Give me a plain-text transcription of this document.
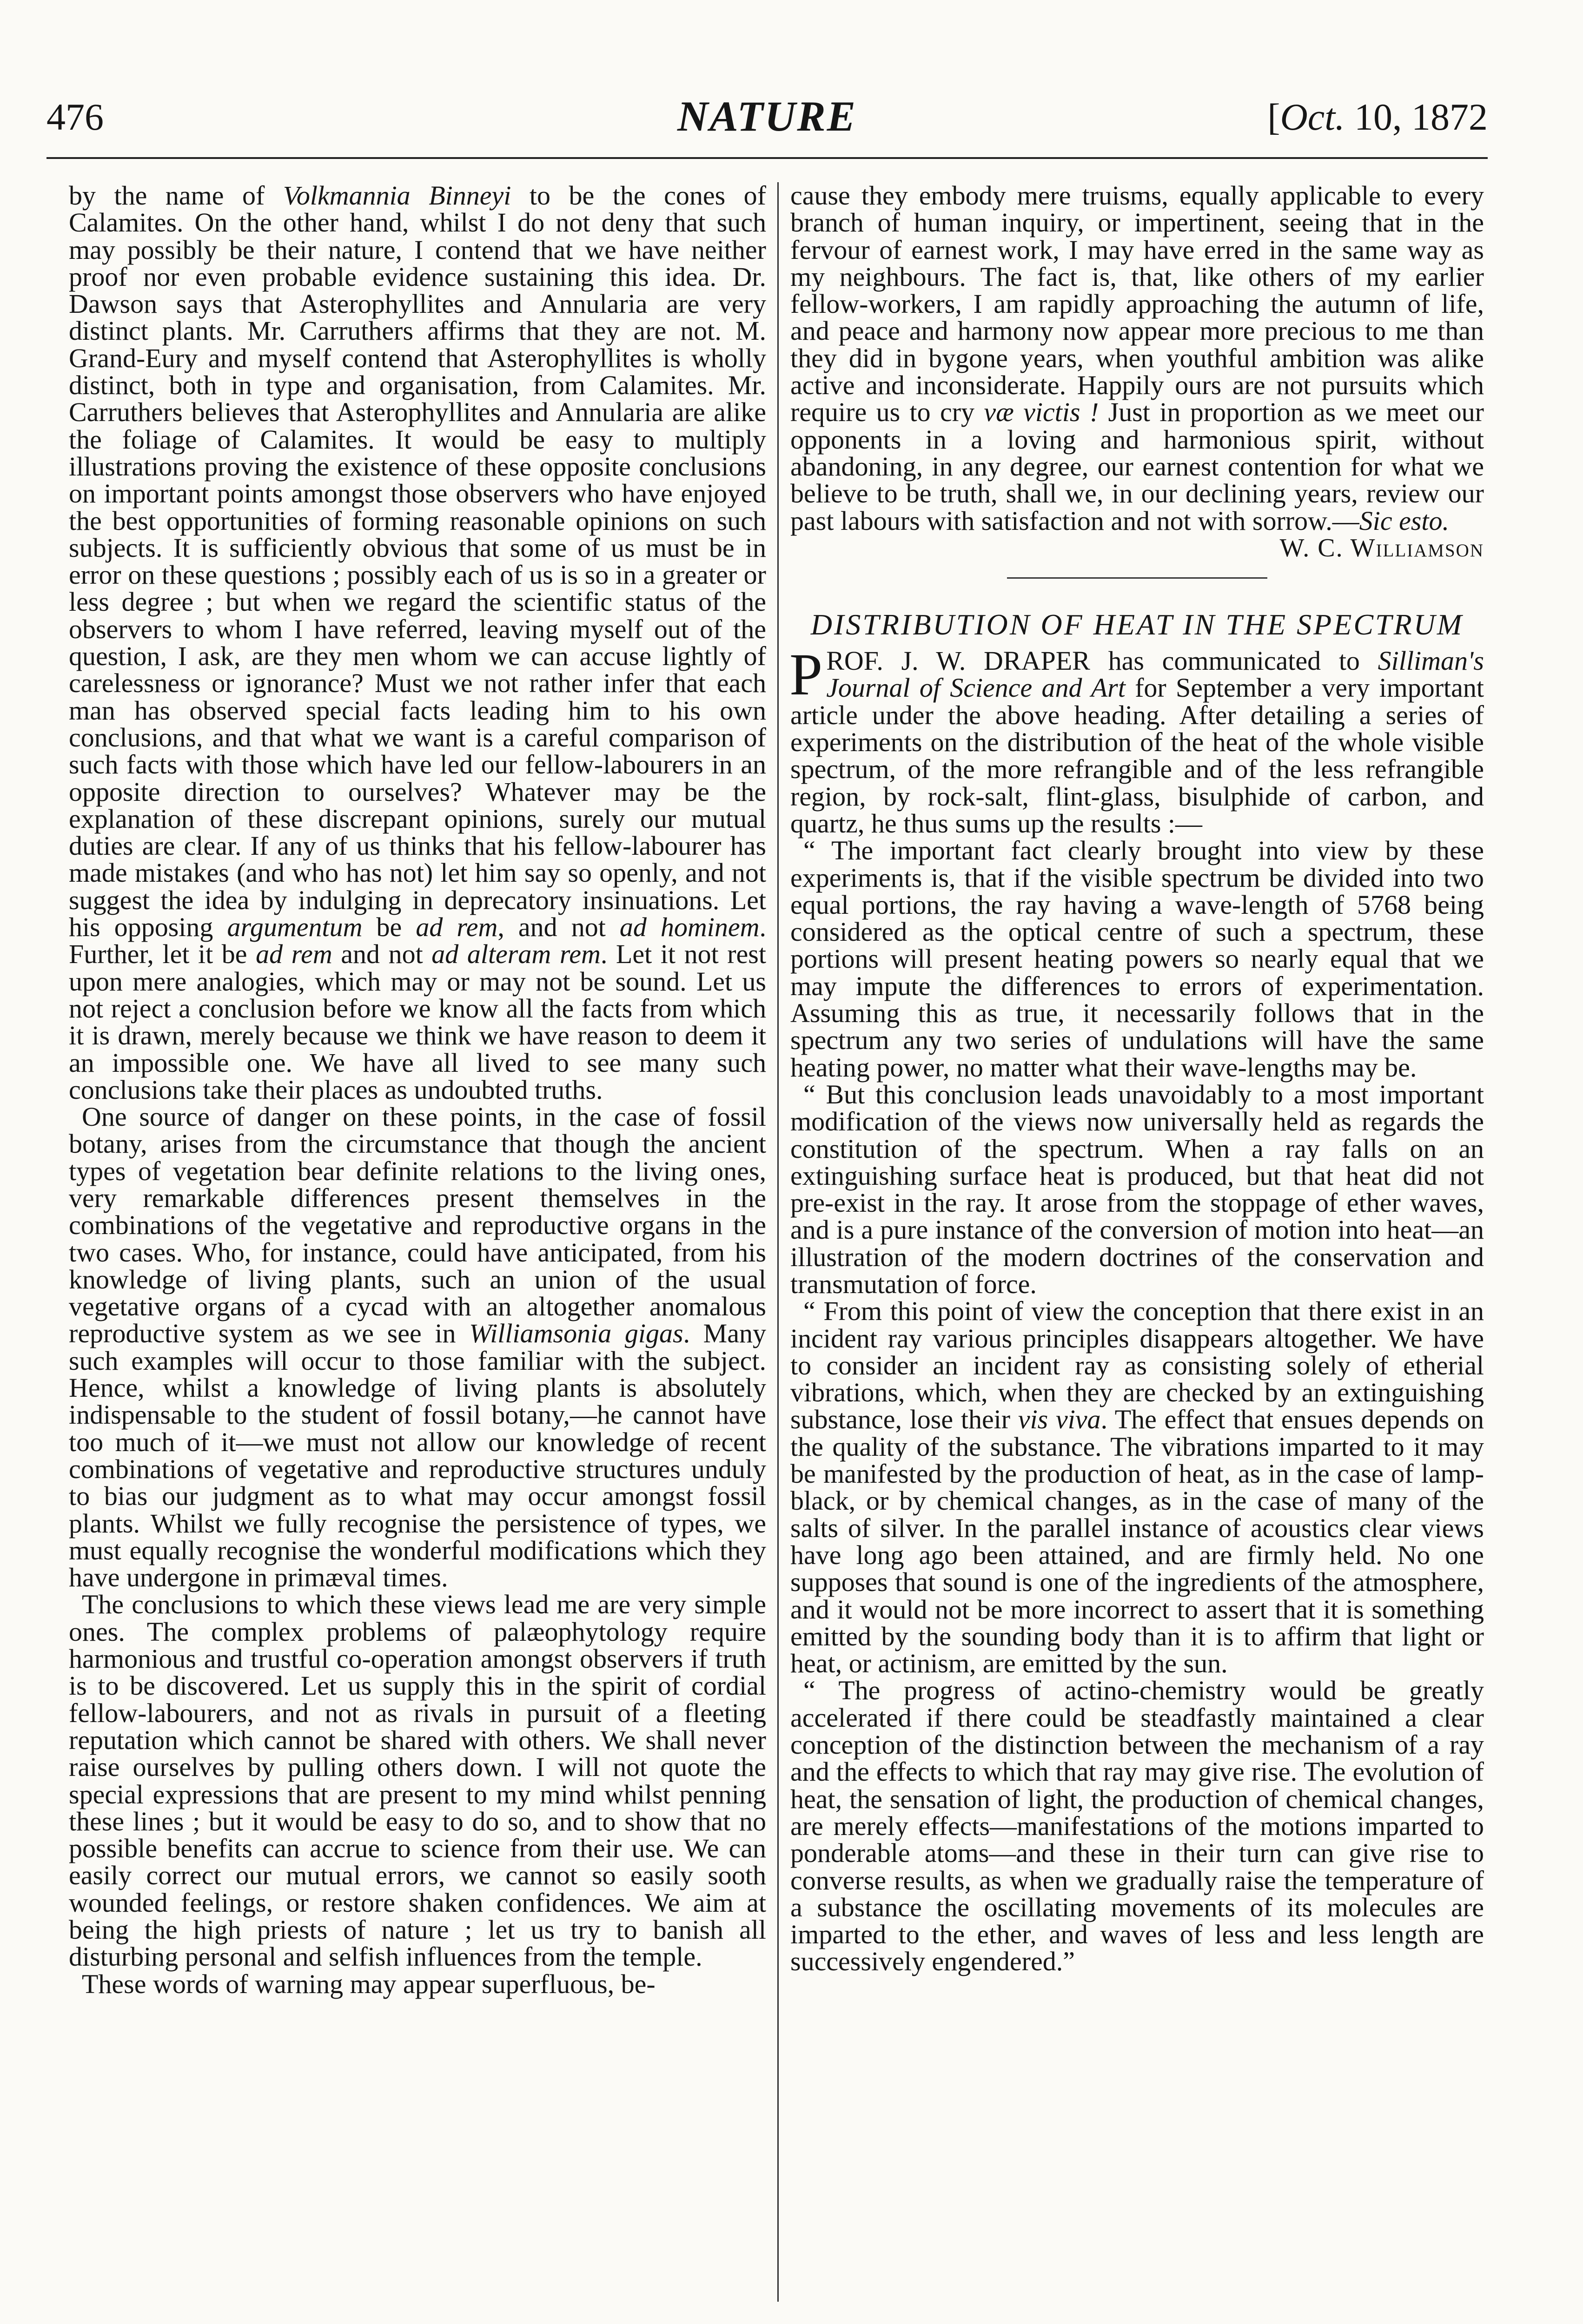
476	NATURE	[Oct. 10, 1872

by the name of Volkmannia Binneyi to be the cones of Calamites. On the other hand, whilst I do not deny that such may possibly be their nature, I contend that we have neither proof nor even probable evidence sustaining this idea. Dr. Dawson says that Asterophyllites and Annularia are very distinct plants. Mr. Carruthers affirms that they are not. M. Grand-Eury and myself contend that Asterophyllites is wholly distinct, both in type and organisation, from Calamites. Mr. Carruthers believes that Asterophyllites and Annularia are alike the foliage of Calamites. It would be easy to multiply illustrations proving the existence of these opposite conclusions on important points amongst those observers who have enjoyed the best opportunities of forming reasonable opinions on such subjects. It is sufficiently obvious that some of us must be in error on these questions ; possibly each of us is so in a greater or less degree ; but when we regard the scientific status of the observers to whom I have referred, leaving myself out of the question, I ask, are they men whom we can accuse lightly of carelessness or ignorance? Must we not rather infer that each man has observed special facts leading him to his own conclusions, and that what we want is a careful comparison of such facts with those which have led our fellow-labourers in an opposite direction to ourselves? Whatever may be the explanation of these discrepant opinions, surely our mutual duties are clear. If any of us thinks that his fellow-labourer has made mistakes (and who has not) let him say so openly, and not suggest the idea by indulging in deprecatory insinuations. Let his opposing argumentum be ad rem, and not ad hominem. Further, let it be ad rem and not ad alteram rem. Let it not rest upon mere analogies, which may or may not be sound. Let us not reject a conclusion before we know all the facts from which it is drawn, merely because we think we have reason to deem it an impossible one. We have all lived to see many such conclusions take their places as undoubted truths.

One source of danger on these points, in the case of fossil botany, arises from the circumstance that though the ancient types of vegetation bear definite relations to the living ones, very remarkable differences present themselves in the combinations of the vegetative and reproductive organs in the two cases. Who, for instance, could have anticipated, from his knowledge of living plants, such an union of the usual vegetative organs of a cycad with an altogether anomalous reproductive system as we see in Williamsonia gigas. Many such examples will occur to those familiar with the subject. Hence, whilst a knowledge of living plants is absolutely indispensable to the student of fossil botany,—he cannot have too much of it—we must not allow our knowledge of recent combinations of vegetative and reproductive structures unduly to bias our judgment as to what may occur amongst fossil plants. Whilst we fully recognise the persistence of types, we must equally recognise the wonderful modifications which they have undergone in primæval times.

The conclusions to which these views lead me are very simple ones. The complex problems of palæophytology require harmonious and trustful co-operation amongst observers if truth is to be discovered. Let us supply this in the spirit of cordial fellow-labourers, and not as rivals in pursuit of a fleeting reputation which cannot be shared with others. We shall never raise ourselves by pulling others down. I will not quote the special expressions that are present to my mind whilst penning these lines ; but it would be easy to do so, and to show that no possible benefits can accrue to science from their use. We can easily correct our mutual errors, we cannot so easily sooth wounded feelings, or restore shaken confidences. We aim at being the high priests of nature ; let us try to banish all disturbing personal and selfish influences from the temple.

These words of warning may appear superfluous, be-

cause they embody mere truisms, equally applicable to every branch of human inquiry, or impertinent, seeing that in the fervour of earnest work, I may have erred in the same way as my neighbours. The fact is, that, like others of my earlier fellow-workers, I am rapidly approaching the autumn of life, and peace and harmony now appear more precious to me than they did in bygone years, when youthful ambition was alike active and inconsiderate. Happily ours are not pursuits which require us to cry væ victis ! Just in proportion as we meet our opponents in a loving and harmonious spirit, without abandoning, in any degree, our earnest contention for what we believe to be truth, shall we, in our declining years, review our past labours with satisfaction and not with sorrow.—Sic esto.

W. C. Williamson

DISTRIBUTION OF HEAT IN THE SPECTRUM

PROF. J. W. DRAPER has communicated to Silliman's Journal of Science and Art for September a very important article under the above heading. After detailing a series of experiments on the distribution of the heat of the whole visible spectrum, of the more refrangible and of the less refrangible region, by rock-salt, flint-glass, bisulphide of carbon, and quartz, he thus sums up the results :—

“ The important fact clearly brought into view by these experiments is, that if the visible spectrum be divided into two equal portions, the ray having a wave-length of 5768 being considered as the optical centre of such a spectrum, these portions will present heating powers so nearly equal that we may impute the differences to errors of experimentation. Assuming this as true, it necessarily follows that in the spectrum any two series of undulations will have the same heating power, no matter what their wave-lengths may be.

“ But this conclusion leads unavoidably to a most important modification of the views now universally held as regards the constitution of the spectrum. When a ray falls on an extinguishing surface heat is produced, but that heat did not pre-exist in the ray. It arose from the stoppage of ether waves, and is a pure instance of the conversion of motion into heat—an illustration of the modern doctrines of the conservation and transmutation of force.

“ From this point of view the conception that there exist in an incident ray various principles disappears altogether. We have to consider an incident ray as consisting solely of etherial vibrations, which, when they are checked by an extinguishing substance, lose their vis viva. The effect that ensues depends on the quality of the substance. The vibrations imparted to it may be manifested by the production of heat, as in the case of lamp-black, or by chemical changes, as in the case of many of the salts of silver. In the parallel instance of acoustics clear views have long ago been attained, and are firmly held. No one supposes that sound is one of the ingredients of the atmosphere, and it would not be more incorrect to assert that it is something emitted by the sounding body than it is to affirm that light or heat, or actinism, are emitted by the sun.

“ The progress of actino-chemistry would be greatly accelerated if there could be steadfastly maintained a clear conception of the distinction between the mechanism of a ray and the effects to which that ray may give rise. The evolution of heat, the sensation of light, the production of chemical changes, are merely effects—manifestations of the motions imparted to ponderable atoms—and these in their turn can give rise to converse results, as when we gradually raise the temperature of a substance the oscillating movements of its molecules are imparted to the ether, and waves of less and less length are successively engendered.”
